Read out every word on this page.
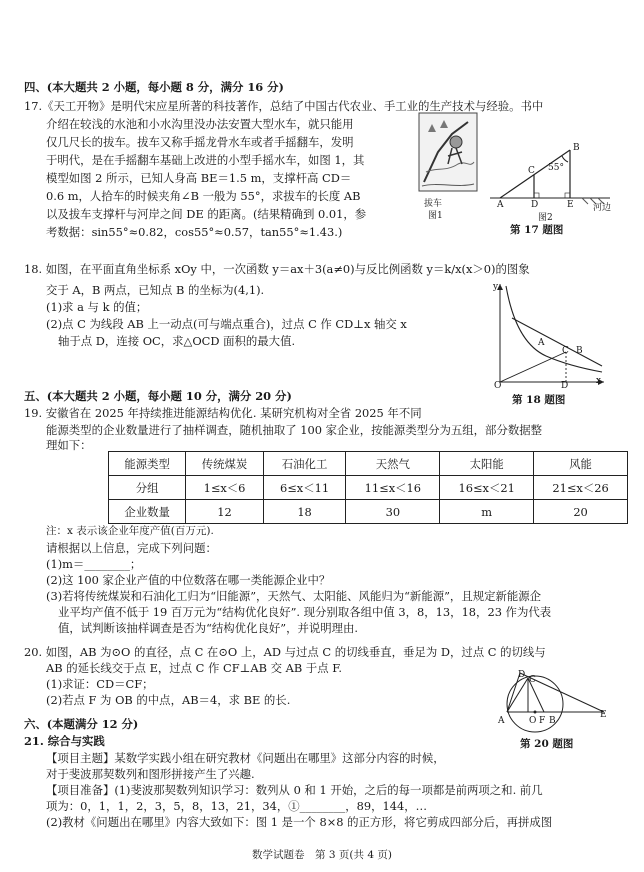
四、(本大题共 2 小题，每小题 8 分，满分 16 分)
17.《天工开物》是明代宋应星所著的科技著作，总结了中国古代农业、手工业的生产技术与经验。书中
介绍在较浅的水池和小水沟里没办法安置大型水车，就只能用
仅几尺长的拔车。拔车又称手摇龙骨水车或者手摇翻车，发明
于明代，是在手摇翻车基础上改进的小型手摇水车，如图 1，其
模型如图 2 所示，已知人身高 BE＝1.5 m，支撑杆高 CD＝
0.6 m，人拾车的时候夹角∠B 一般为 55°，求拔车的长度 AB
以及拔车支撑杆与河岸之间 DE 的距离。(结果精确到 0.01，参
考数据：sin55°≈0.82，cos55°≈0.57，tan55°≈1.43.)
拔车
图1
B
55°
C
A	D	E 河边
图2
第 17 题图
18. 如图，在平面直角坐标系 xOy 中，一次函数 y＝ax＋3(a≠0)与反比例函数 y＝k/x(x＞0)的图象
交于 A，B 两点，已知点 B 的坐标为(4,1).
(1)求 a 与 k 的值；
(2)点 C 为线段 AB 上一动点(可与端点重合)，过点 C 作 CD⊥x 轴交 x
轴于点 D，连接 OC，求△OCD 面积的最大值.
y
x
A
B
C
D
O
第 18 题图
五、(本大题共 2 小题，每小题 10 分，满分 20 分)
19. 安徽省在 2025 年持续推进能源结构优化. 某研究机构对全省 2025 年不同
能源类型的企业数量进行了抽样调查，随机抽取了 100 家企业，按能源类型分为五组，部分数据整
理如下：
能源类型	传统煤炭	石油化工	天然气	太阳能	风能
分组	1≤x＜6	6≤x＜11	11≤x＜16	16≤x＜21	21≤x＜26
企业数量	12	18	30	m	20
注：x 表示该企业年度产值(百万元).
请根据以上信息，完成下列问题：
(1)m＝________；
(2)这 100 家企业产值的中位数落在哪一类能源企业中？
(3)若将传统煤炭和石油化工归为“旧能源”，天然气、太阳能、风能归为“新能源”，且规定新能源企
业平均产值不低于 19 百万元为“结构优化良好”. 现分别取各组中值 3，8，13，18，23 作为代表
值，试判断该抽样调查是否为“结构优化良好”，并说明理由.
20. 如图，AB 为⊙O 的直径，点 C 在⊙O 上，AD 与过点 C 的切线垂直，垂足为 D，过点 C 的切线与
AB 的延长线交于点 E，过点 C 作 CF⊥AB 交 AB 于点 F.
(1)求证：CD＝CF；
(2)若点 F 为 OB 的中点，AB＝4，求 BE 的长.
D C
A	O F B
E
第 20 题图
六、(本题满分 12 分)
21. 综合与实践
【项目主题】某数学实践小组在研究教材《问题出在哪里》这部分内容的时候，
对于斐波那契数列和图形拼接产生了兴趣.
【项目准备】(1)斐波那契数列知识学习：数列从 0 和 1 开始，之后的每一项都是前两项之和. 前几
项为：0，1，1，2，3，5，8，13，21，34，①________，89，144，…
(2)教材《问题出在哪里》内容大致如下：图 1 是一个 8×8 的正方形，将它剪成四部分后，再拼成图
数学试题卷　第 3 页(共 4 页)
